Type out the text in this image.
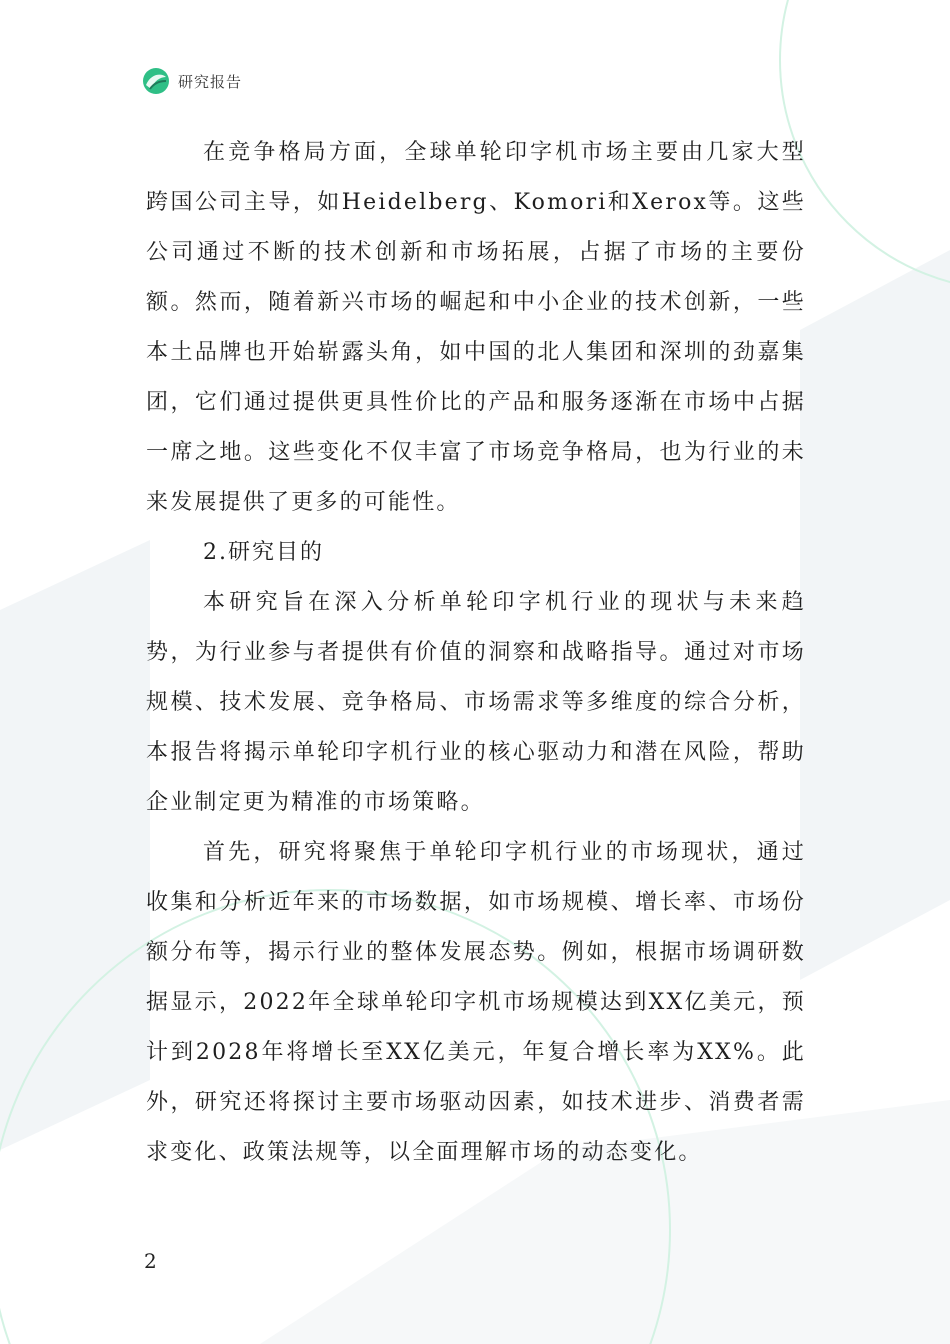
研究报告

在竞争格局方面，全球单轮印字机市场主要由几家大型跨国公司主导，如Heidelberg、Komori和Xerox等。这些公司通过不断的技术创新和市场拓展，占据了市场的主要份额。然而，随着新兴市场的崛起和中小企业的技术创新，一些本土品牌也开始崭露头角，如中国的北人集团和深圳的劲嘉集团，它们通过提供更具性价比的产品和服务逐渐在市场中占据一席之地。这些变化不仅丰富了市场竞争格局，也为行业的未来发展提供了更多的可能性。

2.研究目的

本研究旨在深入分析单轮印字机行业的现状与未来趋势，为行业参与者提供有价值的洞察和战略指导。通过对市场规模、技术发展、竞争格局、市场需求等多维度的综合分析，本报告将揭示单轮印字机行业的核心驱动力和潜在风险，帮助企业制定更为精准的市场策略。

首先，研究将聚焦于单轮印字机行业的市场现状，通过收集和分析近年来的市场数据，如市场规模、增长率、市场份额分布等，揭示行业的整体发展态势。例如，根据市场调研数据显示，2022年全球单轮印字机市场规模达到XX亿美元，预计到2028年将增长至XX亿美元，年复合增长率为XX%。此外，研究还将探讨主要市场驱动因素，如技术进步、消费者需求变化、政策法规等，以全面理解市场的动态变化。

2
